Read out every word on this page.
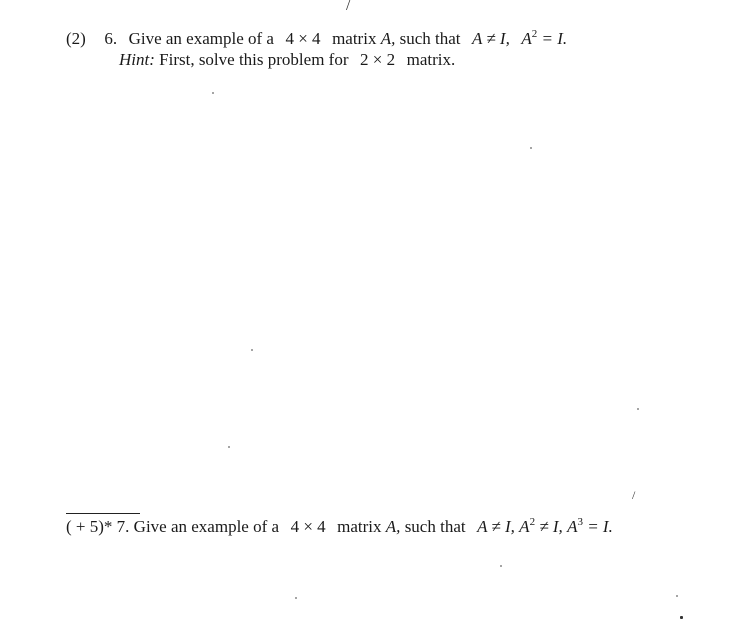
/
(2) 6. Give an example of a 4 × 4 matrix A, such that A ≠ I, $A^2 = I$.
Hint: First, solve this problem for 2 × 2 matrix.
/
( + 5)* 7. Give an example of a 4 × 4 matrix A, such that A ≠ I, $A^2 \ne I$, $A^3 = I$.
